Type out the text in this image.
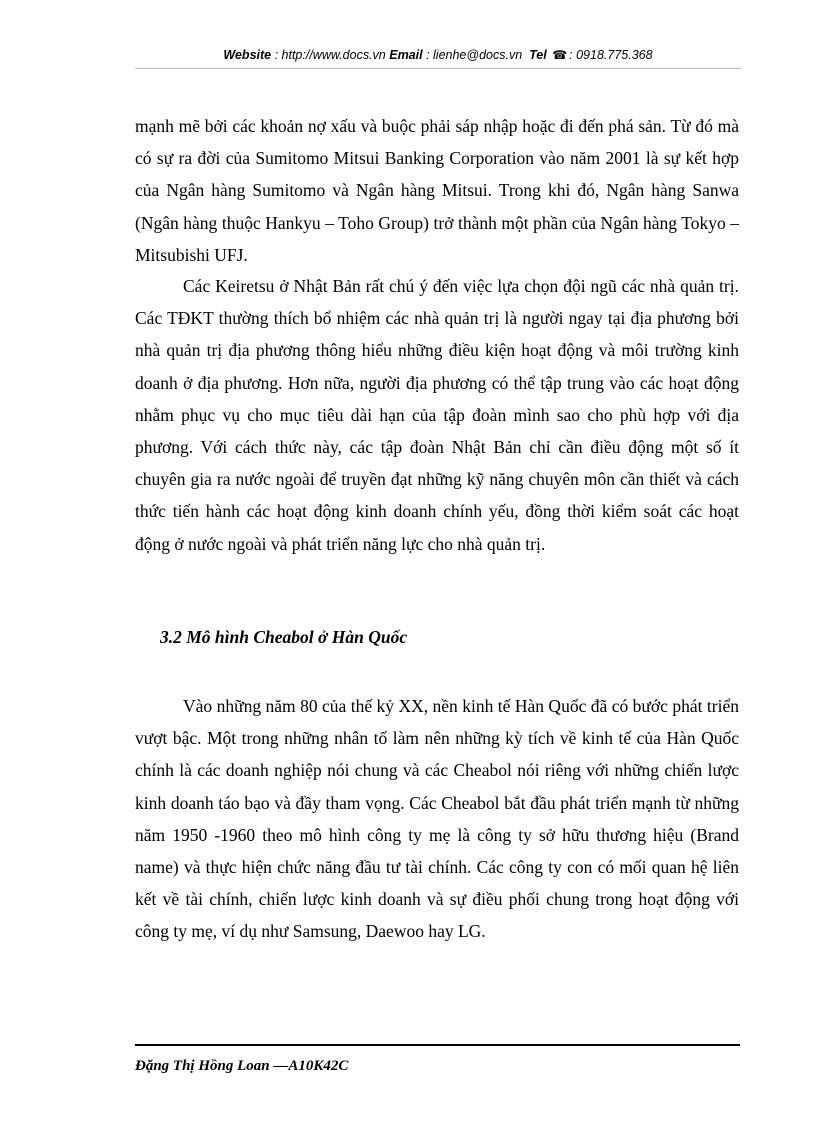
Website : http://www.docs.vn Email : lienhe@docs.vn Tel ☎ : 0918.775.368
mạnh mẽ bởi các khoản nợ xấu và buộc phải sáp nhập hoặc đi đến phá sản. Từ đó mà có sự ra đời của Sumitomo Mitsui Banking Corporation vào năm 2001 là sự kết hợp của Ngân hàng Sumitomo và Ngân hàng Mitsui. Trong khi đó, Ngân hàng Sanwa (Ngân hàng thuộc Hankyu – Toho Group) trở thành một phần của Ngân hàng Tokyo – Mitsubishi UFJ.
Các Keiretsu ở Nhật Bản rất chú ý đến việc lựa chọn đội ngũ các nhà quản trị. Các TĐKT thường thích bổ nhiệm các nhà quản trị là người ngay tại địa phương bởi nhà quản trị địa phương thông hiểu những điều kiện hoạt động và môi trường kinh doanh ở địa phương. Hơn nữa, người địa phương có thể tập trung vào các hoạt động nhằm phục vụ cho mục tiêu dài hạn của tập đoàn mình sao cho phù hợp với địa phương. Với cách thức này, các tập đoàn Nhật Bản chỉ cần điều động một số ít chuyên gia ra nước ngoài để truyền đạt những kỹ năng chuyên môn cần thiết và cách thức tiến hành các hoạt động kinh doanh chính yếu, đồng thời kiểm soát các hoạt động ở nước ngoài và phát triển năng lực cho nhà quản trị.
3.2 Mô hình Cheabol ở Hàn Quốc
Vào những năm 80 của thế kỷ XX, nền kinh tế Hàn Quốc đã có bước phát triển vượt bậc. Một trong những nhân tố làm nên những kỳ tích về kinh tế của Hàn Quốc chính là các doanh nghiệp nói chung và các Cheabol nói riêng với những chiến lược kinh doanh táo bạo và đầy tham vọng. Các Cheabol bắt đầu phát triển mạnh từ những năm 1950 -1960 theo mô hình công ty mẹ là công ty sở hữu thương hiệu (Brand name) và thực hiện chức năng đầu tư tài chính. Các công ty con có mối quan hệ liên kết về tài chính, chiến lược kinh doanh và sự điều phối chung trong hoạt động với công ty mẹ, ví dụ như Samsung, Daewoo hay LG.
Đặng Thị Hồng Loan —A10K42C
